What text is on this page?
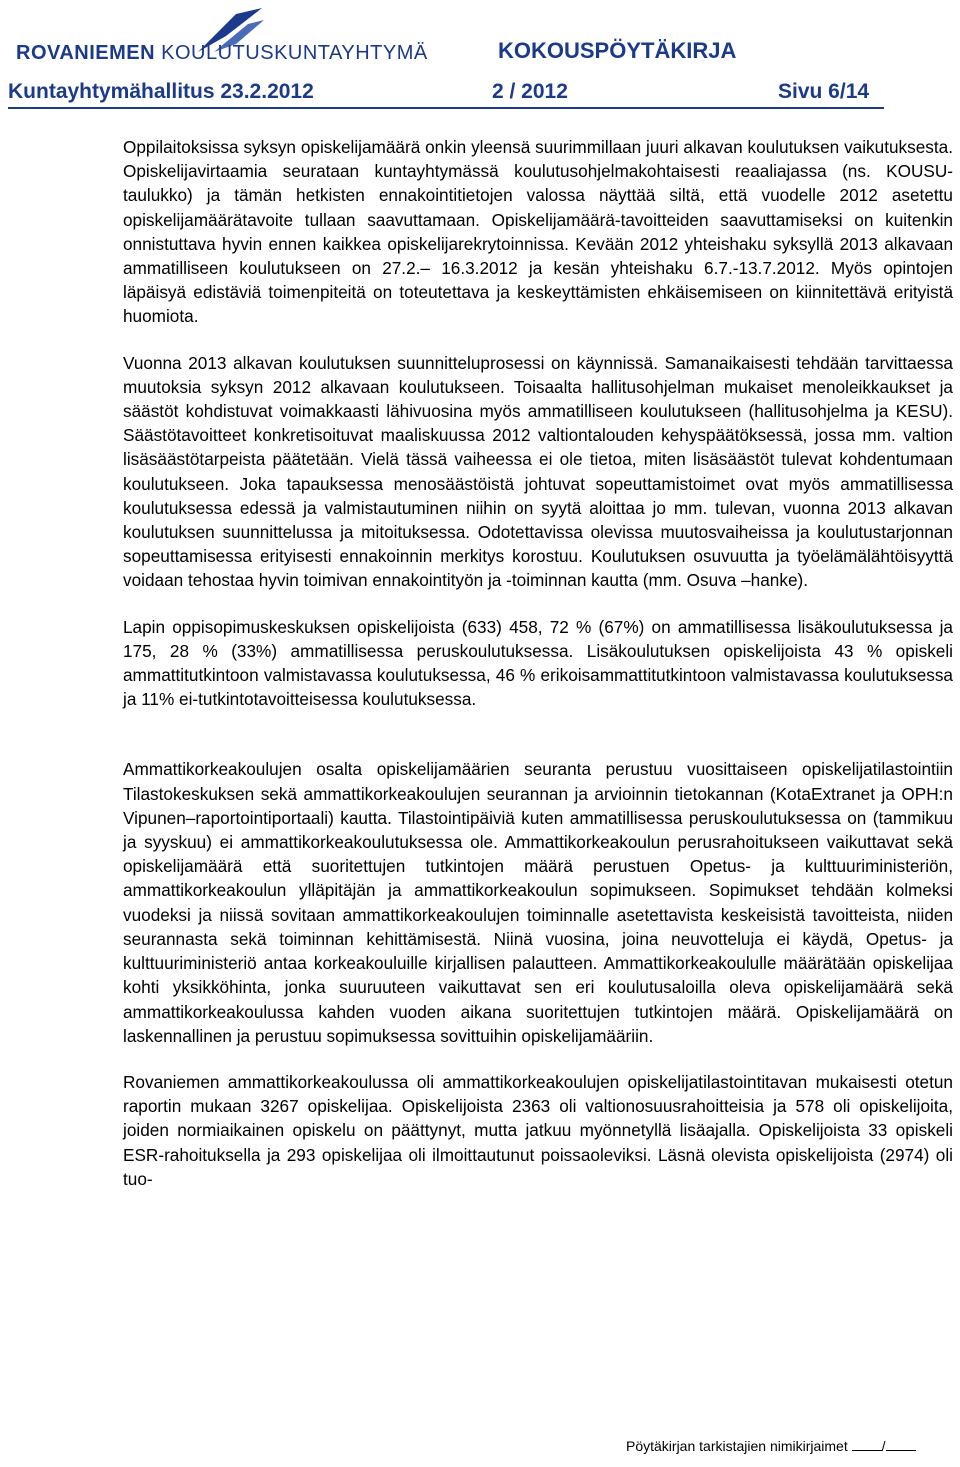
ROVANIEMEN KOULUTUSKUNTAYHTYMÄ	KOKOUSPÖYTÄKIRJA
Kuntayhtymähallitus 23.2.2012	2 / 2012	Sivu 6/14

Oppilaitoksissa syksyn opiskelijamäärä onkin yleensä suurimmillaan juuri alkavan koulutuksen vaikutuksesta. Opiskelijavirtaamia seurataan kuntayhtymässä koulutusohjelmakohtaisesti reaaliajassa (ns. KOUSU-taulukko) ja tämän hetkisten ennakointitietojen valossa näyttää siltä, että vuodelle 2012 asetettu opiskelijamäärätavoite tullaan saavuttamaan. Opiskelijamäärä-tavoitteiden saavuttamiseksi on kuitenkin onnistuttava hyvin ennen kaikkea opiskelijarekrytoinnissa. Kevään 2012 yhteishaku syksyllä 2013 alkavaan ammatilliseen koulutukseen on 27.2.– 16.3.2012 ja kesän yhteishaku 6.7.-13.7.2012. Myös opintojen läpäisyä edistäviä toimenpiteitä on toteutettava ja keskeyttämisten ehkäisemiseen on kiinnitettävä erityistä huomiota.

Vuonna 2013 alkavan koulutuksen suunnitteluprosessi on käynnissä. Samanaikaisesti tehdään tarvittaessa muutoksia syksyn 2012 alkavaan koulutukseen. Toisaalta hallitusohjelman mukaiset menoleikkaukset ja säästöt kohdistuvat voimakkaasti lähivuosina myös ammatilliseen koulutukseen (hallitusohjelma ja KESU). Säästötavoitteet konkretisoituvat maaliskuussa 2012 valtiontalouden kehyspäätöksessä, jossa mm. valtion lisäsäästötarpeista päätetään. Vielä tässä vaiheessa ei ole tietoa, miten lisäsäästöt tulevat kohdentumaan koulutukseen. Joka tapauksessa menosäästöistä johtuvat sopeuttamistoimet ovat myös ammatillisessa koulutuksessa edessä ja valmistautuminen niihin on syytä aloittaa jo mm. tulevan, vuonna 2013 alkavan koulutuksen suunnittelussa ja mitoituksessa. Odotettavissa olevissa muutosvaiheissa ja koulutustarjonnan sopeuttamisessa erityisesti ennakoinnin merkitys korostuu. Koulutuksen osuvuutta ja työelämälähtöisyyttä voidaan tehostaa hyvin toimivan ennakointityön ja -toiminnan kautta (mm. Osuva –hanke).

Lapin oppisopimuskeskuksen opiskelijoista (633) 458, 72 % (67%) on ammatillisessa lisäkoulutuksessa ja 175, 28 % (33%) ammatillisessa peruskoulutuksessa. Lisäkoulutuksen opiskelijoista 43 % opiskeli ammattitutkintoon valmistavassa koulutuksessa, 46 % erikoisammattitutkintoon valmistavassa koulutuksessa ja 11% ei-tutkintotavoitteisessa koulutuksessa.

Ammattikorkeakoulujen osalta opiskelijamäärien seuranta perustuu vuosittaiseen opiskelijatilastointiin Tilastokeskuksen sekä ammattikorkeakoulujen seurannan ja arvioinnin tietokannan (KotaExtranet ja OPH:n Vipunen–raportointiportaali) kautta. Tilastointipäiviä kuten ammatillisessa peruskoulutuksessa on (tammikuu ja syyskuu) ei ammattikorkeakoulutuksessa ole. Ammattikorkeakoulun perusrahoitukseen vaikuttavat sekä opiskelijamäärä että suoritettujen tutkintojen määrä perustuen Opetus- ja kulttuuriministeriön, ammattikorkeakoulun ylläpitäjän ja ammattikorkeakoulun sopimukseen. Sopimukset tehdään kolmeksi vuodeksi ja niissä sovitaan ammattikorkeakoulujen toiminnalle asetettavista keskeisistä tavoitteista, niiden seurannasta sekä toiminnan kehittämisestä. Niinä vuosina, joina neuvotteluja ei käydä, Opetus- ja kulttuuriministeriö antaa korkeakouluille kirjallisen palautteen. Ammattikorkeakoululle määrätään opiskelijaa kohti yksikköhinta, jonka suuruuteen vaikuttavat sen eri koulutusaloilla oleva opiskelijamäärä sekä ammattikorkeakoulussa kahden vuoden aikana suoritettujen tutkintojen määrä. Opiskelijamäärä on laskennallinen ja perustuu sopimuksessa sovittuihin opiskelijamääriin.

Rovaniemen ammattikorkeakoulussa oli ammattikorkeakoulujen opiskelijatilastointitavan mukaisesti otetun raportin mukaan 3267 opiskelijaa. Opiskelijoista 2363 oli valtionosuusrahoitteisia ja 578 oli opiskelijoita, joiden normiaikainen opiskelu on päättynyt, mutta jatkuu myönnetyllä lisäajalla. Opiskelijoista 33 opiskeli ESR-rahoituksella ja 293 opiskelijaa oli ilmoittautunut poissaoleviksi. Läsnä olevista opiskelijoista (2974) oli tuo-

Pöytäkirjan tarkistajien nimikirjaimet /
